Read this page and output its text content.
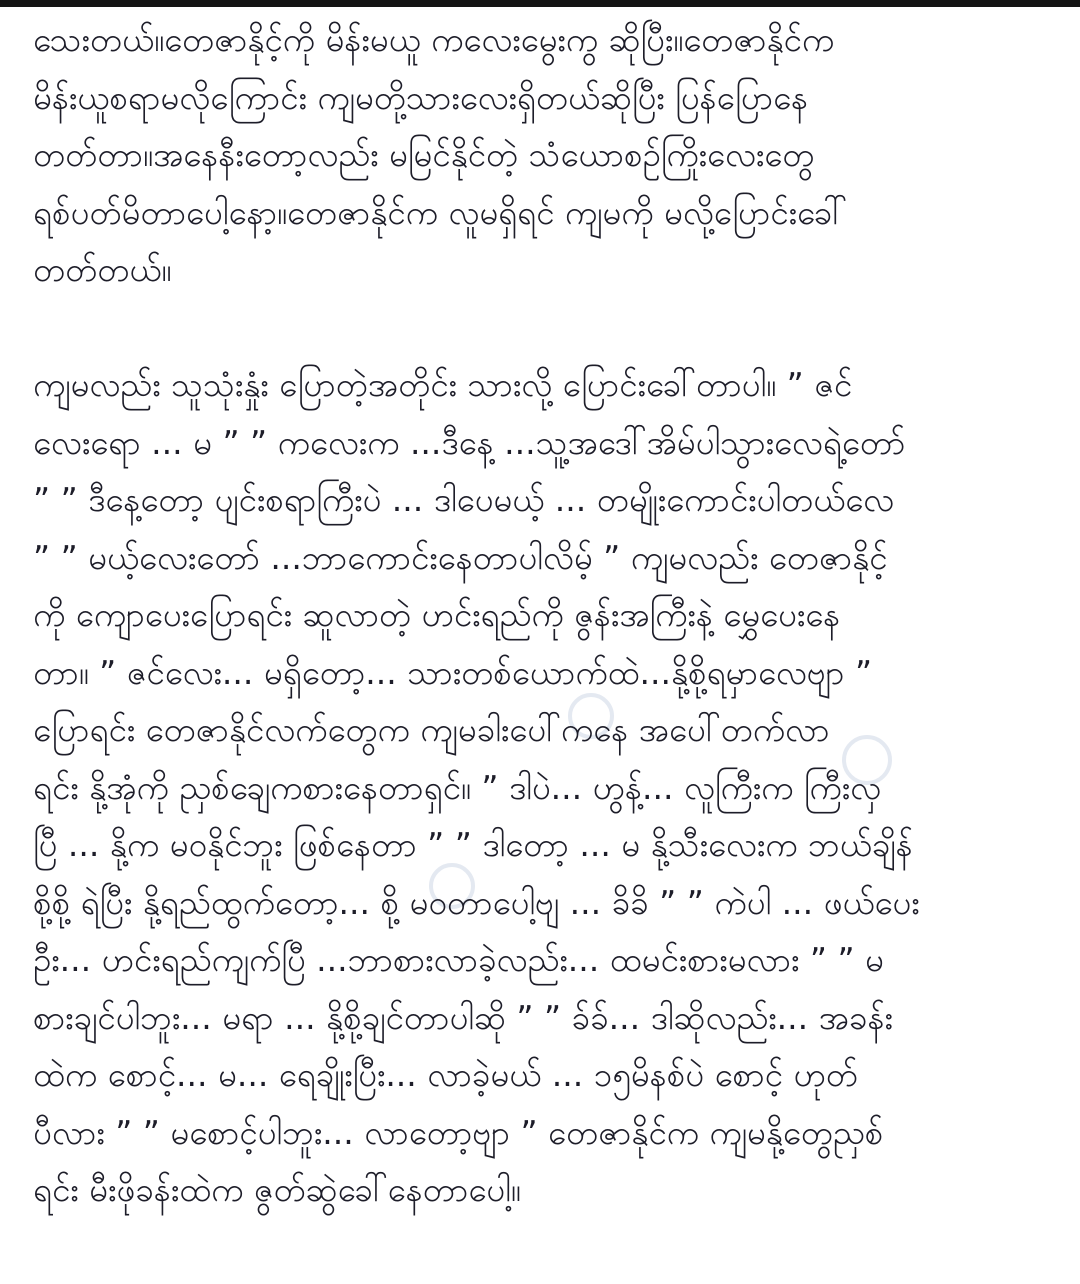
သေးတယ်။တေဇာနိုင့်ကို မိန်းမယူ ကလေးမွေးကွ ဆိုပြီး။တေဇာနိုင်က
မိန်းယူစရာမလိုကြောင်း ကျမတို့သားလေးရှိတယ်ဆိုပြီး ပြန်ပြောနေ
တတ်တာ။အနေနီးတော့လည်း မမြင်နိုင်တဲ့ သံယောစဥ်ကြိုးလေးတွေ
ရစ်ပတ်မိတာပေါ့နော့။တေဇာနိုင်က လူမရှိရင် ကျမကို မလို့ပြောင်းခေါ်
တတ်တယ်။
ကျမလည်း သူသုံးနှုံး ပြောတဲ့အတိုင်း သားလို့ ပြောင်းခေါ်တာပါ။ ” ဇင်
လေးရော ... မ ” ” ကလေးက ...ဒီနေ့ ...သူ့အဒေါ်အိမ်ပါသွားလေရဲ့တော်
” ” ဒီနေ့တော့ ပျင်းစရာကြီးပဲ ... ဒါပေမယ့် ... တမျိုးကောင်းပါတယ်လေ
” ” မယ့်လေးတော် ...ဘာကောင်းနေတာပါလိမ့် ” ကျမလည်း တေဇာနိုင့်
ကို ကျောပေးပြောရင်း ဆူလာတဲ့ ဟင်းရည်ကို ဇွန်းအကြီးနဲ့ မွှေပေးနေ
တာ။ ” ဇင်လေး... မရှိတော့... သားတစ်ယောက်ထဲ...နို့စို့ရမှာလေဗျာ ”
ပြောရင်း တေဇာနိုင်လက်တွေက ကျမခါးပေါ်ကနေ အပေါ်တက်လာ
ရင်း နို့အုံကို ညှစ်ချေကစားနေတာရှင်။ ” ဒါပဲ... ဟွန့်... လူကြီးက ကြီးလှ
ပြီ ... နို့က မဝနိုင်ဘူး ဖြစ်နေတာ ” ” ဒါတော့ ... မ နို့သီးလေးက ဘယ်ချိန်
စို့စို့ ရဲပြီး နို့ရည်ထွက်တော့... စို့ မဝတာပေါ့ဗျ ... ခိခိ ” ” ကဲပါ ... ဖယ်ပေး
ဦး... ဟင်းရည်ကျက်ပြီ ...ဘာစားလာခဲ့လည်း... ထမင်းစားမလား ” ” မ
စားချင်ပါဘူး... မရာ ... နို့စို့ချင်တာပါဆို ” ” ခ်ခ်... ဒါဆိုလည်း... အခန်း
ထဲက စောင့်... မ... ရေချိုးပြီး... လာခဲ့မယ် ... ၁၅မိနစ်ပဲ စောင့် ဟုတ်
ပီလား ” ” မစောင့်ပါဘူး... လာတော့ဗျာ ” တေဇာနိုင်က ကျမနို့တွေညှစ်
ရင်း မီးဖိုခန်းထဲက ဇွတ်ဆွဲခေါ်နေတာပေါ့။
